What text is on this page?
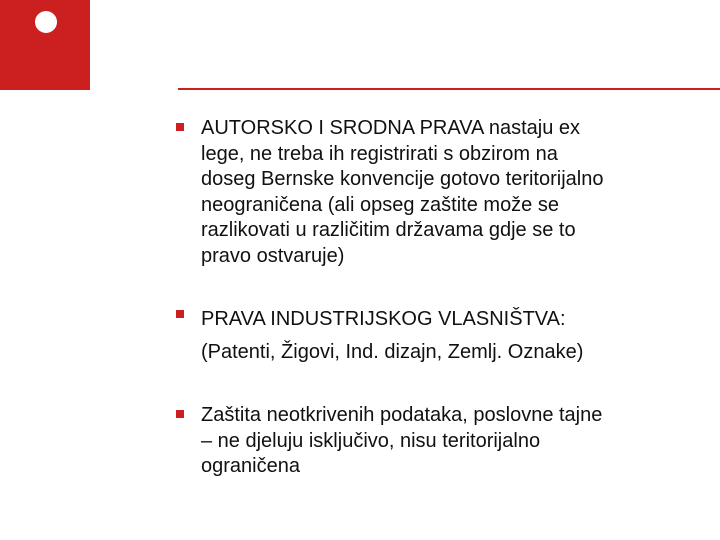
AUTORSKO I SRODNA PRAVA nastaju ex
lege, ne treba ih registrirati s obzirom na
doseg Bernske konvencije gotovo teritorijalno
neograničena (ali opseg zaštite može se
razlikovati u različitim državama gdje se to
pravo ostvaruje)
PRAVA INDUSTRIJSKOG VLASNIŠTVA:
(Patenti, Žigovi, Ind. dizajn, Zemlj. Oznake)
Zaštita neotkrivenih podataka, poslovne tajne
– ne djeluju isključivo, nisu teritorijalno
ograničena
